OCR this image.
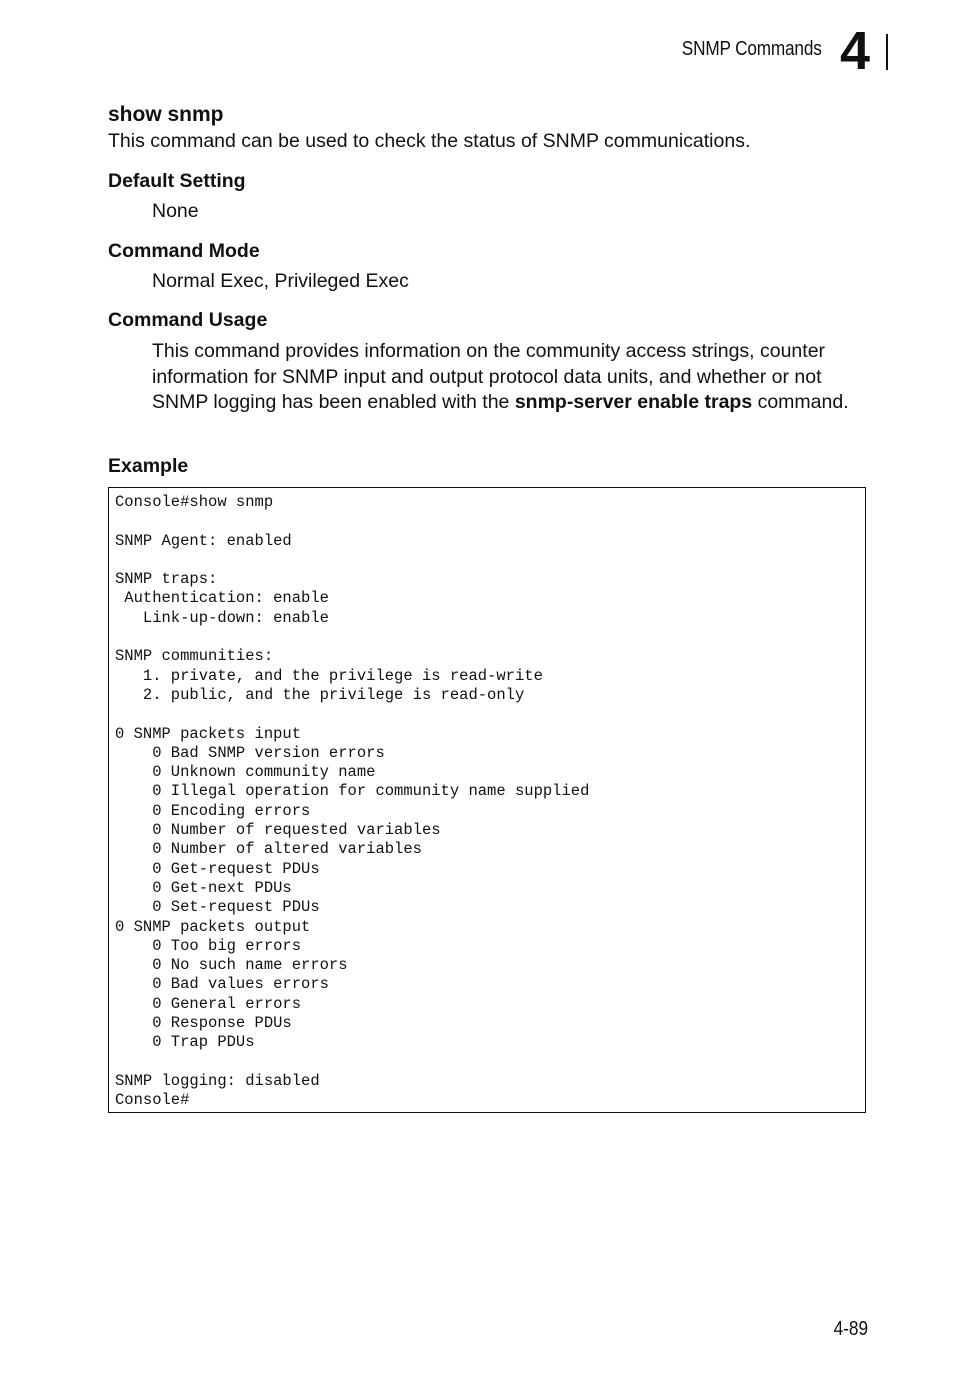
SNMP Commands 4
show snmp
This command can be used to check the status of SNMP communications.
Default Setting
None
Command Mode
Normal Exec, Privileged Exec
Command Usage
This command provides information on the community access strings, counter information for SNMP input and output protocol data units, and whether or not SNMP logging has been enabled with the snmp-server enable traps command.
Example
Console#show snmp

SNMP Agent: enabled

SNMP traps:
Authentication: enable
Link-up-down: enable

SNMP communities:
1. private, and the privilege is read-write
2. public, and the privilege is read-only

0 SNMP packets input
0 Bad SNMP version errors
0 Unknown community name
0 Illegal operation for community name supplied
0 Encoding errors
0 Number of requested variables
0 Number of altered variables
0 Get-request PDUs
0 Get-next PDUs
0 Set-request PDUs
0 SNMP packets output
0 Too big errors
0 No such name errors
0 Bad values errors
0 General errors
0 Response PDUs
0 Trap PDUs

SNMP logging: disabled
Console#
4-89
